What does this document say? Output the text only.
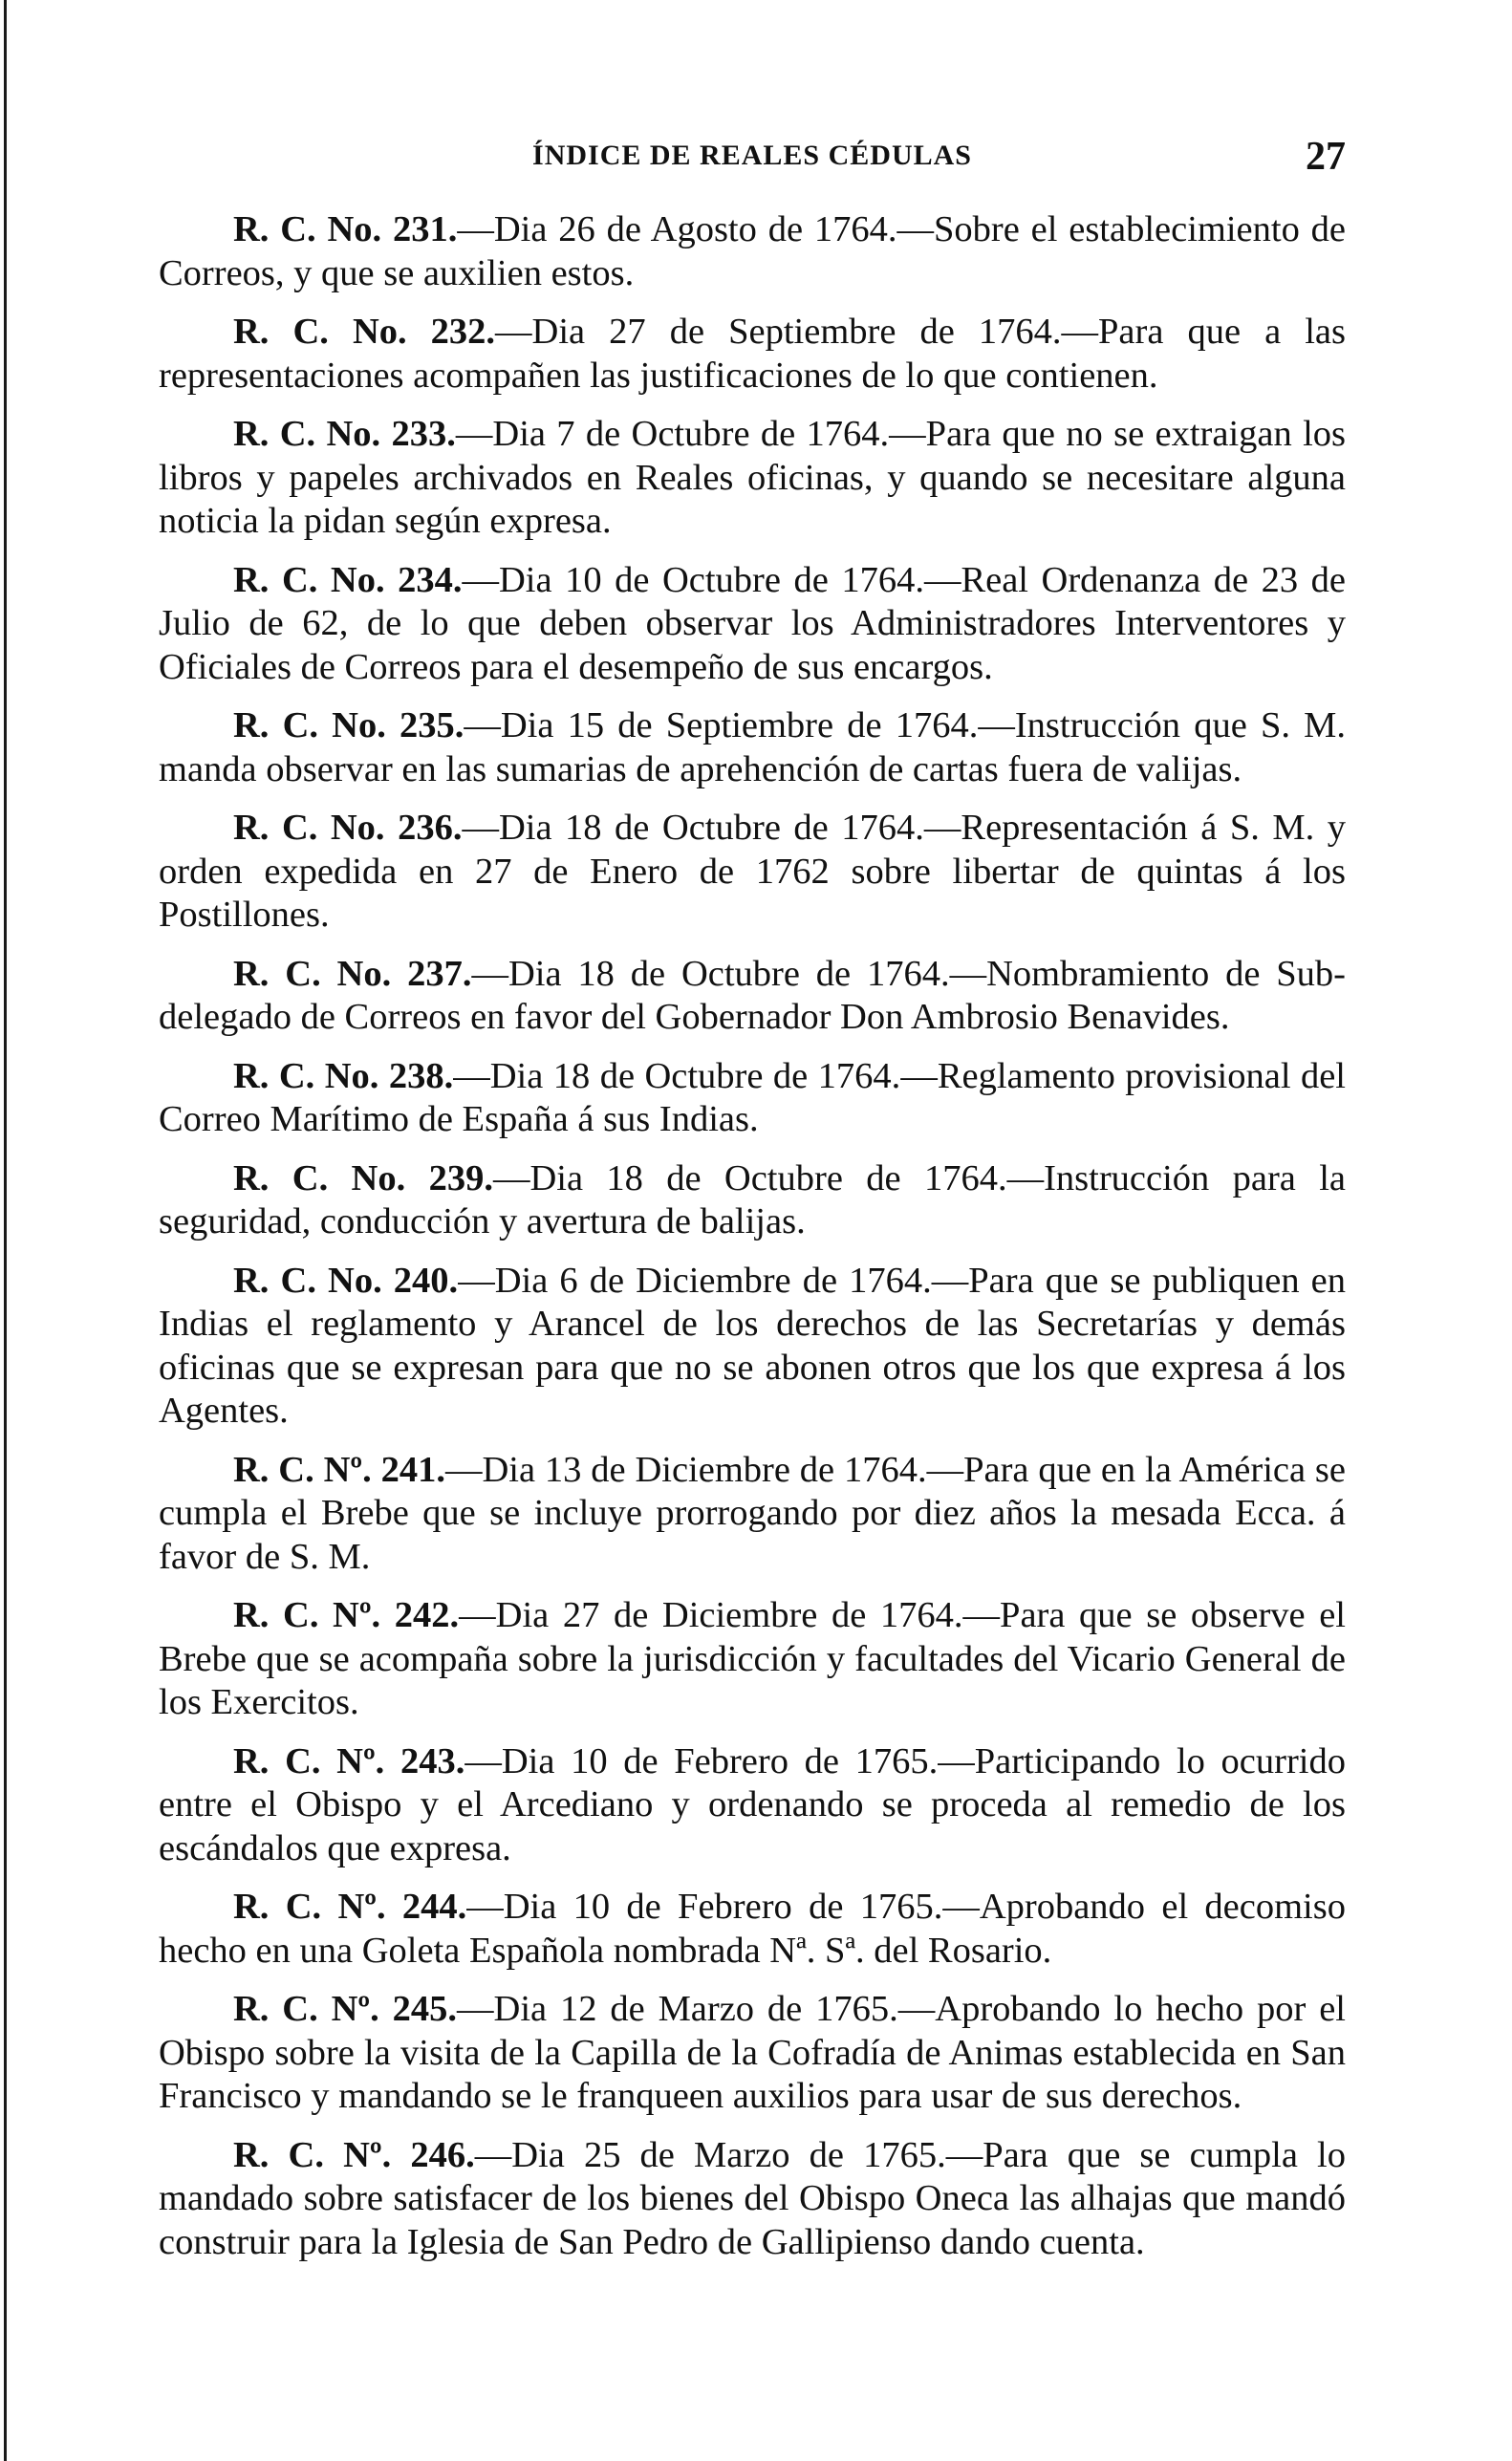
ÍNDICE DE REALES CÉDULAS	27

R. C. No. 231.—Dia 26 de Agosto de 1764.—Sobre el establecimiento de Correos, y que se auxilien estos.

R. C. No. 232.—Dia 27 de Septiembre de 1764.—Para que a las representaciones acompañen las justificaciones de lo que contienen.

R. C. No. 233.—Dia 7 de Octubre de 1764.—Para que no se extraigan los libros y papeles archivados en Reales oficinas, y quando se necesitare alguna noticia la pidan según expresa.

R. C. No. 234.—Dia 10 de Octubre de 1764.—Real Ordenanza de 23 de Julio de 62, de lo que deben observar los Administradores Interventores y Oficiales de Correos para el desempeño de sus encargos.

R. C. No. 235.—Dia 15 de Septiembre de 1764.—Instrucción que S. M. manda observar en las sumarias de aprehención de cartas fuera de valijas.

R. C. No. 236.—Dia 18 de Octubre de 1764.—Representación á S. M. y orden expedida en 27 de Enero de 1762 sobre libertar de quintas á los Postillones.

R. C. No. 237.—Dia 18 de Octubre de 1764.—Nombramiento de Sub-delegado de Correos en favor del Gobernador Don Ambrosio Benavides.

R. C. No. 238.—Dia 18 de Octubre de 1764.—Reglamento provisional del Correo Marítimo de España á sus Indias.

R. C. No. 239.—Dia 18 de Octubre de 1764.—Instrucción para la seguridad, conducción y avertura de balijas.

R. C. No. 240.—Dia 6 de Diciembre de 1764.—Para que se publiquen en Indias el reglamento y Arancel de los derechos de las Secretarías y demás oficinas que se expresan para que no se abonen otros que los que expresa á los Agentes.

R. C. Nº. 241.—Dia 13 de Diciembre de 1764.—Para que en la América se cumpla el Brebe que se incluye prorrogando por diez años la mesada Ecca. á favor de S. M.

R. C. Nº. 242.—Dia 27 de Diciembre de 1764.—Para que se observe el Brebe que se acompaña sobre la jurisdicción y facultades del Vicario General de los Exercitos.

R. C. Nº. 243.—Dia 10 de Febrero de 1765.—Participando lo ocurrido entre el Obispo y el Arcediano y ordenando se proceda al remedio de los escándalos que expresa.

R. C. Nº. 244.—Dia 10 de Febrero de 1765.—Aprobando el decomiso hecho en una Goleta Española nombrada Nª. Sª. del Rosario.

R. C. Nº. 245.—Dia 12 de Marzo de 1765.—Aprobando lo hecho por el Obispo sobre la visita de la Capilla de la Cofradía de Animas establecida en San Francisco y mandando se le franqueen auxilios para usar de sus derechos.

R. C. Nº. 246.—Dia 25 de Marzo de 1765.—Para que se cumpla lo mandado sobre satisfacer de los bienes del Obispo Oneca las alhajas que mandó construir para la Iglesia de San Pedro de Gallipienso dando cuenta.
